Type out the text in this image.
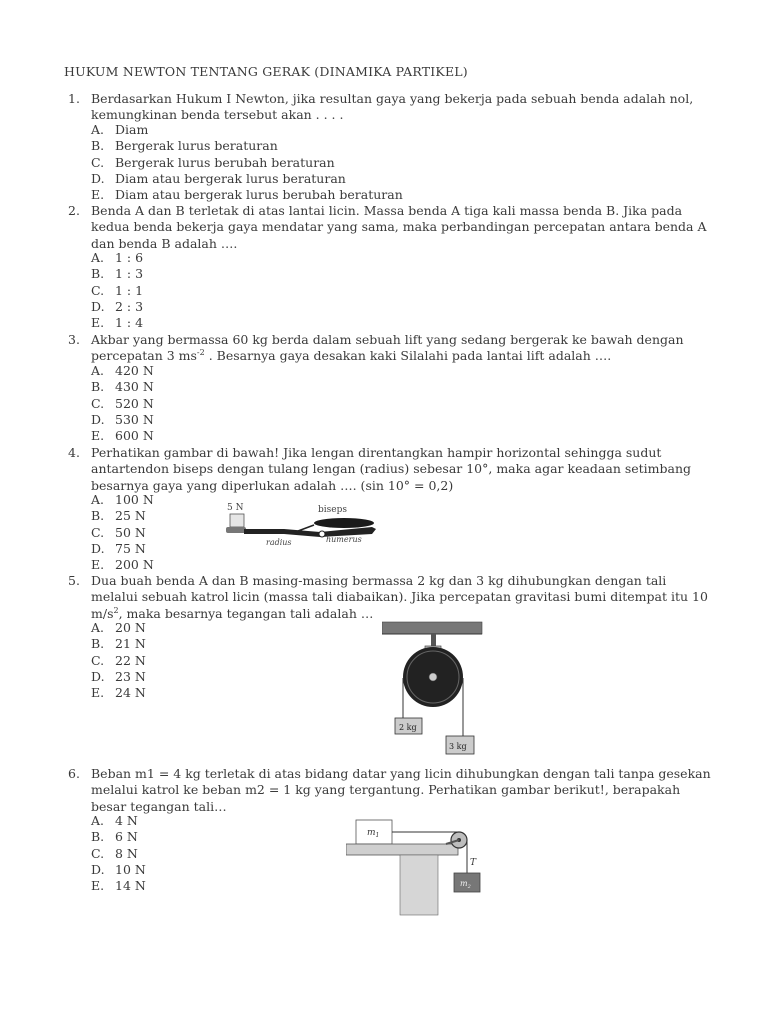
HUKUM NEWTON TENTANG GERAK (DINAMIKA PARTIKEL)
1. Berdasarkan Hukum I Newton, jika resultan gaya yang bekerja pada sebuah benda adalah nol,
kemungkinan benda tersebut akan . . . .
A. Diam
B. Bergerak lurus beraturan
C. Bergerak lurus berubah beraturan
D. Diam atau bergerak lurus beraturan
E. Diam atau bergerak lurus berubah beraturan
2. Benda A dan B terletak di atas lantai licin. Massa benda A tiga kali massa benda B. Jika pada
kedua benda bekerja gaya mendatar yang sama, maka perbandingan percepatan antara benda A
dan benda B adalah ….
A. 1 : 6
B. 1 : 3
C. 1 : 1
D. 2 : 3
E. 1 : 4
3. Akbar yang bermassa 60 kg berda dalam sebuah lift yang sedang bergerak ke bawah dengan
percepatan 3 $ms^{-2}$ . Besarnya gaya desakan kaki Silalahi pada lantai lift adalah ….
A. 420 N
B. 430 N
C. 520 N
D. 530 N
E. 600 N
4. Perhatikan gambar di bawah! Jika lengan direntangkan hampir horizontal sehingga sudut
antartendon biseps dengan tulang lengan (radius) sebesar 10°, maka agar keadaan setimbang
besarnya gaya yang diperlukan adalah …. (sin 10° = 0,2)
A. 100 N
B. 25 N
C. 50 N
D. 75 N
E. 200 N
5 N	biseps
radius	humerus
5. Dua buah benda A dan B masing-masing bermassa 2 kg dan 3 kg dihubungkan dengan tali
melalui sebuah katrol licin (massa tali diabaikan). Jika percepatan gravitasi bumi ditempat itu 10
$m/s^2$, maka besarnya tegangan tali adalah …
A. 20 N
B. 21 N
C. 22 N
D. 23 N
E. 24 N
2 kg
3 kg
6. Beban m1 = 4 kg terletak di atas bidang datar yang licin dihubungkan dengan tali tanpa gesekan
melalui katrol ke beban m2 = 1 kg yang tergantung. Perhatikan gambar berikut!, berapakah
besar tegangan tali…
A. 4 N
B. 6 N
C. 8 N
D. 10 N
E. 14 N
$m_1$
T
$m_2$
